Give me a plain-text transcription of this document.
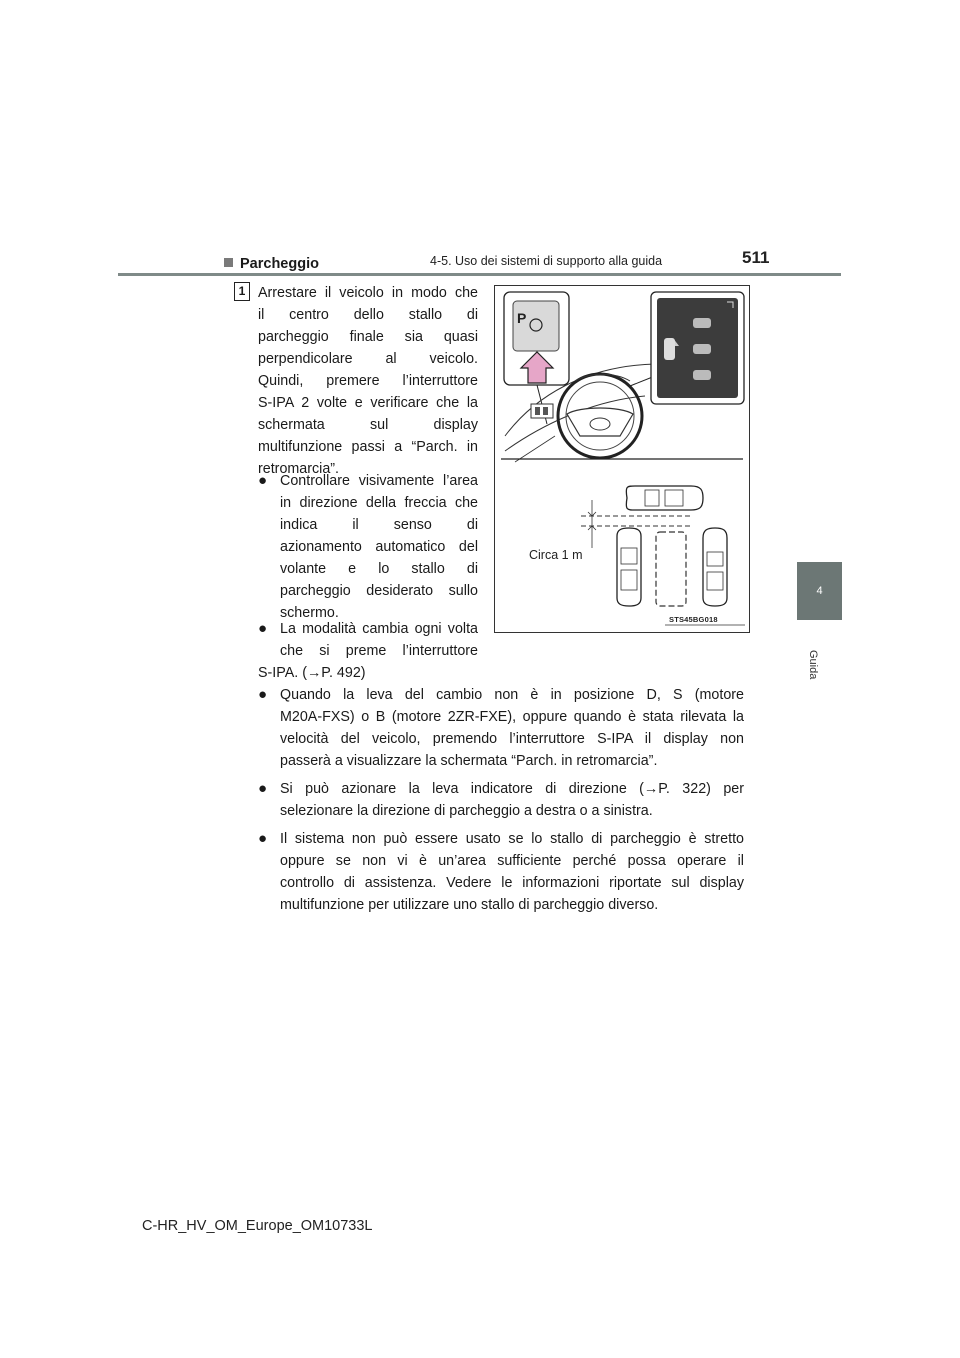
4-5. Uso dei sistemi di supporto alla guida	511
4
Guida
Parcheggio
1 Arrestare il veicolo in modo che
il centro dello stallo di
parcheggio finale sia quasi
perpendicolare al veicolo.
Quindi, premere l’interruttore
S-IPA 2 volte e verificare che la
schermata sul display
multifunzione passi a “Parch. in
retromarcia”.
● Controllare visivamente l’area
in direzione della freccia che
indica il senso di
azionamento automatico del
volante e lo stallo di
parcheggio desiderato sullo
schermo.
● La modalità cambia ogni volta
che si preme l’interruttore
S-IPA. (→P. 492)
● Quando la leva del cambio non è in posizione D, S (motore
M20A-FXS) o B (motore 2ZR-FXE), oppure quando è stata rilevata la
velocità del veicolo, premendo l’interruttore S-IPA il display non
passerà a visualizzare la schermata “Parch. in retromarcia”.
● Si può azionare la leva indicatore di direzione (→P. 322) per
selezionare la direzione di parcheggio a destra o a sinistra.
● Il sistema non può essere usato se lo stallo di parcheggio è stretto
oppure se non vi è un’area sufficiente perché possa operare il
controllo di assistenza. Vedere le informazioni riportate sul display
multifunzione per utilizzare uno stallo di parcheggio diverso.
P
Circa 1 m
STS45BG018
C-HR_HV_OM_Europe_OM10733L
